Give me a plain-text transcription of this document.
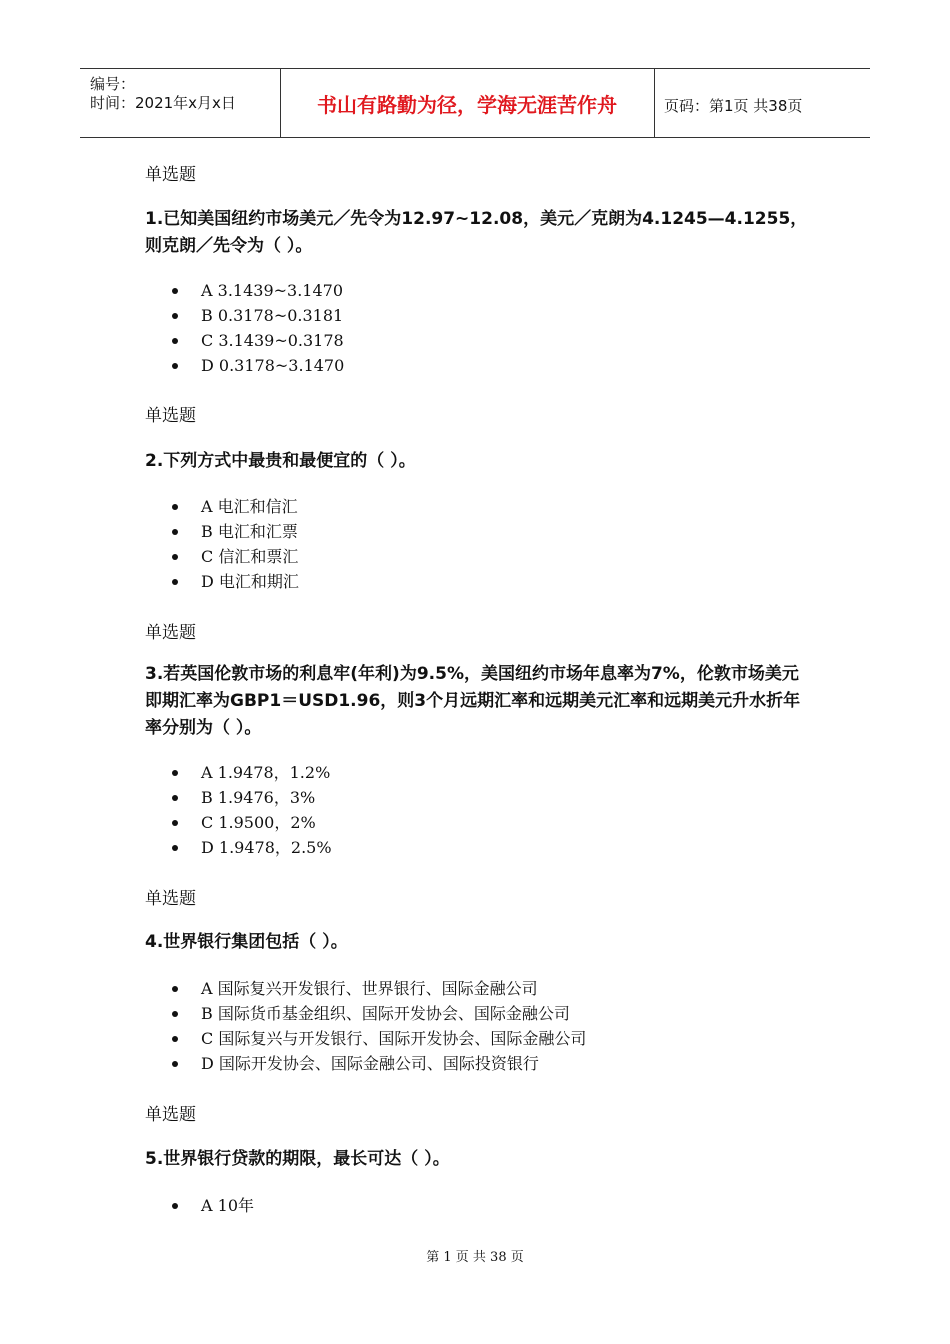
编号：
时间：2021年x月x日	书山有路勤为径，学海无涯苦作舟	页码：第1页 共38页
单选题
1.已知美国纽约市场美元／先令为12.97~12.08，美元／克朗为4.1245—4.1255，则克朗／先令为（ ）。
A 3.1439~3.1470
B 0.3178~0.3181
C 3.1439~0.3178
D 0.3178~3.1470
单选题
2.下列方式中最贵和最便宜的（ ）。
A 电汇和信汇
B 电汇和汇票
C 信汇和票汇
D 电汇和期汇
单选题
3.若英国伦敦市场的利息牢(年利)为9.5%，美国纽约市场年息率为7%，伦敦市场美元即期汇率为GBP1＝USD1.96，则3个月远期汇率和远期美元汇率和远期美元升水折年率分别为（ ）。
A 1.9478，1.2%
B 1.9476，3%
C 1.9500，2%
D 1.9478，2.5%
单选题
4.世界银行集团包括（ ）。
A 国际复兴开发银行、世界银行、国际金融公司
B 国际货币基金组织、国际开发协会、国际金融公司
C 国际复兴与开发银行、国际开发协会、国际金融公司
D 国际开发协会、国际金融公司、国际投资银行
单选题
5.世界银行贷款的期限，最长可达（ ）。
A 10年
第 1 页 共 38 页
